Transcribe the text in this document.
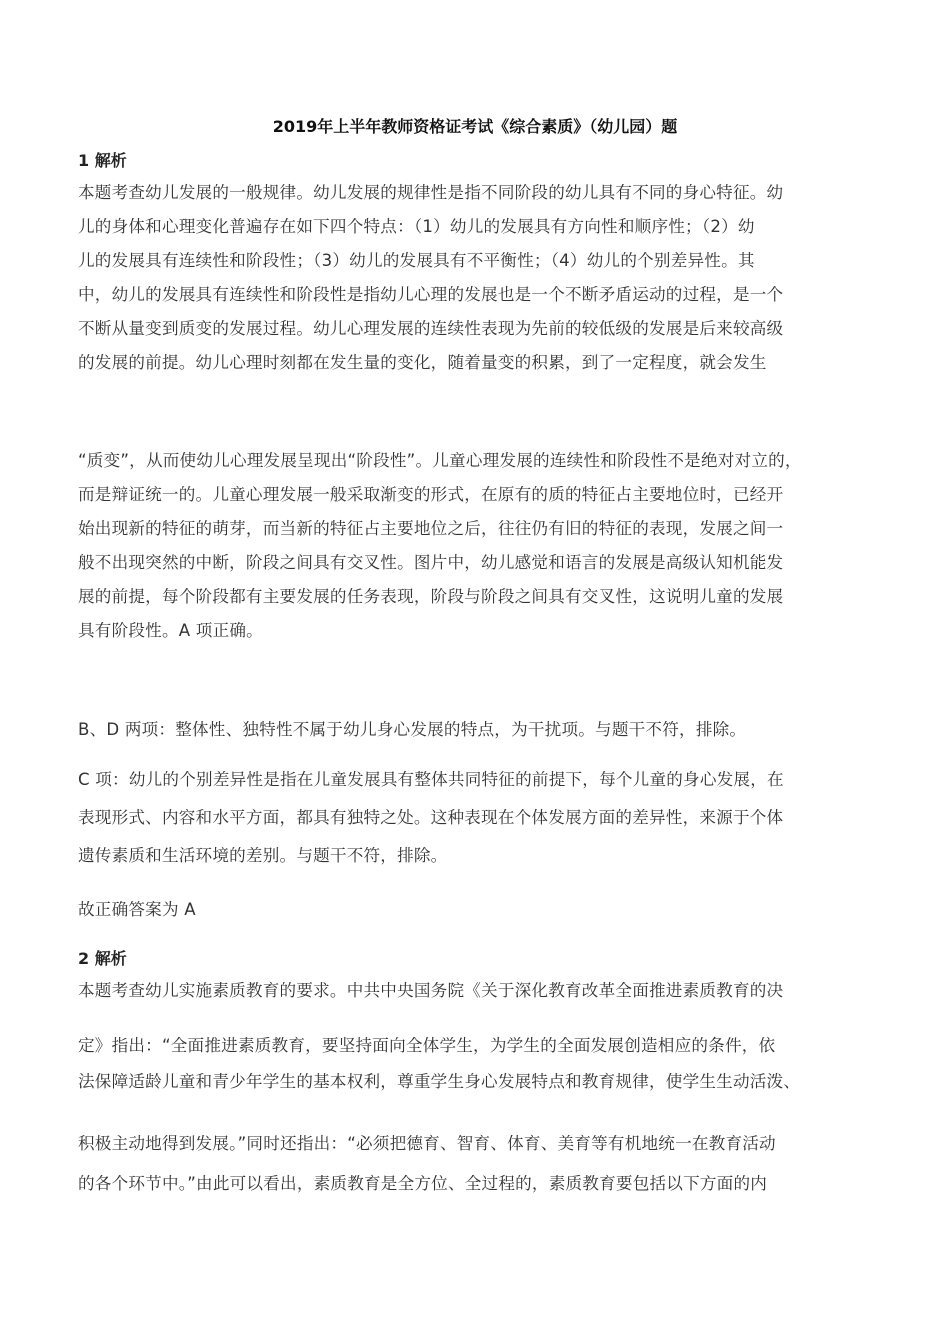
2019年上半年教师资格证考试《综合素质》（幼儿园）题
1 解析
本题考查幼儿发展的一般规律。幼儿发展的规律性是指不同阶段的幼儿具有不同的身心特征。幼
儿的身体和心理变化普遍存在如下四个特点：（1）幼儿的发展具有方向性和顺序性；（2）幼
儿的发展具有连续性和阶段性；（3）幼儿的发展具有不平衡性；（4）幼儿的个别差异性。其
中，幼儿的发展具有连续性和阶段性是指幼儿心理的发展也是一个不断矛盾运动的过程，是一个
不断从量变到质变的发展过程。幼儿心理发展的连续性表现为先前的较低级的发展是后来较高级
的发展的前提。幼儿心理时刻都在发生量的变化，随着量变的积累，到了一定程度，就会发生
“质变”，从而使幼儿心理发展呈现出“阶段性”。儿童心理发展的连续性和阶段性不是绝对对立的，
而是辩证统一的。儿童心理发展一般采取渐变的形式，在原有的质的特征占主要地位时，已经开
始出现新的特征的萌芽，而当新的特征占主要地位之后，往往仍有旧的特征的表现，发展之间一
般不出现突然的中断，阶段之间具有交叉性。图片中，幼儿感觉和语言的发展是高级认知机能发
展的前提，每个阶段都有主要发展的任务表现，阶段与阶段之间具有交叉性，这说明儿童的发展
具有阶段性。A 项正确。
B、D 两项：整体性、独特性不属于幼儿身心发展的特点，为干扰项。与题干不符，排除。
C 项：幼儿的个别差异性是指在儿童发展具有整体共同特征的前提下，每个儿童的身心发展，在
表现形式、内容和水平方面，都具有独特之处。这种表现在个体发展方面的差异性，来源于个体
遗传素质和生活环境的差别。与题干不符，排除。
故正确答案为 A
2 解析
本题考查幼儿实施素质教育的要求。中共中央国务院《关于深化教育改革全面推进素质教育的决
定》指出：“全面推进素质教育，要坚持面向全体学生，为学生的全面发展创造相应的条件，依
法保障适龄儿童和青少年学生的基本权利，尊重学生身心发展特点和教育规律，使学生生动活泼、
积极主动地得到发展。”同时还指出：“必须把德育、智育、体育、美育等有机地统一在教育活动
的各个环节中。”由此可以看出，素质教育是全方位、全过程的，素质教育要包括以下方面的内
